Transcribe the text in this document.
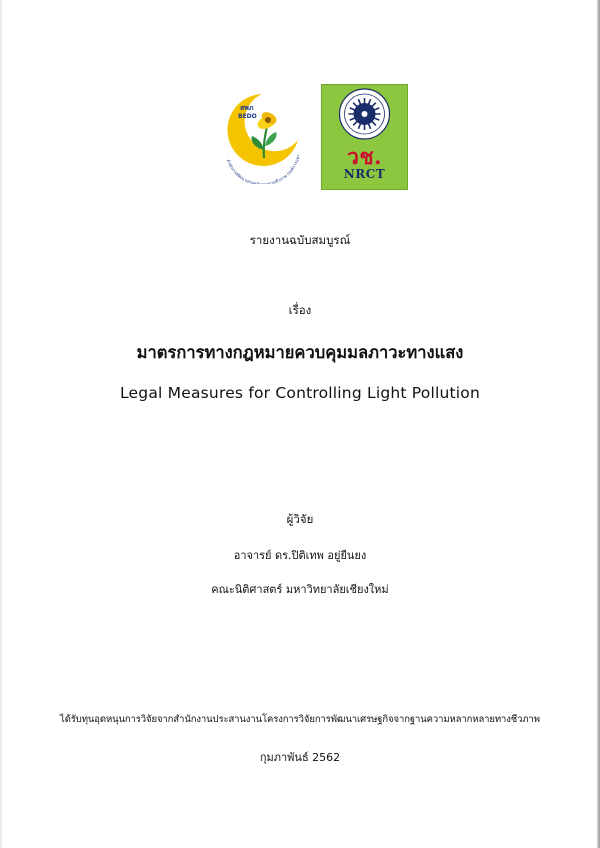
สำนักงานพัฒนาเศรษฐกิ กฐานชีวภาพ (องค์การมหา
สพภ
BEDO
วช.
NRCT
รายงานฉบับสมบูรณ์
เรื่อง
มาตรการทางกฎหมายควบคุมมลภาวะทางแสง
Legal Measures for Controlling Light Pollution
ผู้วิจัย
อาจารย์ ดร.ปิติเทพ อยู่ยืนยง
คณะนิติศาสตร์ มหาวิทยาลัยเชียงใหม่
ได้รับทุนอุดหนุนการวิจัยจากสำนักงานประสานงานโครงการวิจัยการพัฒนาเศรษฐกิจจากฐานความหลากหลายทางชีวภาพ
กุมภาพันธ์ 2562
